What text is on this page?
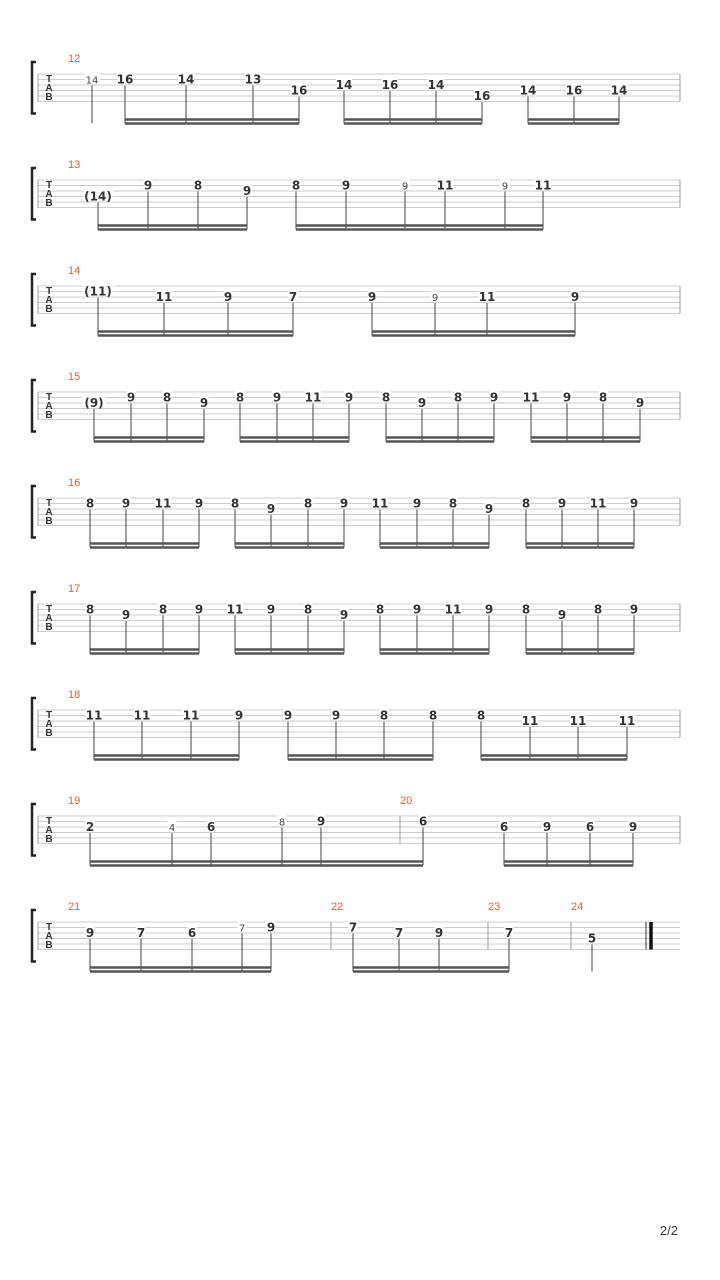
T
A
B
12
14 16	14	13
16 14 16 14
16 14 16 14
T
A
B
13
(14)
9	8	9	8	9	9 11	9 11
T
A
B
14
(11)	11	9	7	9	9	11	9
T
A
B
15
(9) 9 8 9 8 9 11 9 8 9 8 9 11 9 8 9
T
A
B
16
8 9 11 9 8 9 8 9 11 9 8 9 8 9 11 9
T
A
B
17
8 9 8 9 11 9 8 9 8 9 11 9 8 9 8 9
T
A
B
18
11	11	11	9	9	9	8	8	8	11	11	11
T
A
B
19	20
2	4	6	8	9	6	6	9	6	9
T
A
B
21	22	23	24
9	7	6	7 9	7	7	9	7	5
2/2
